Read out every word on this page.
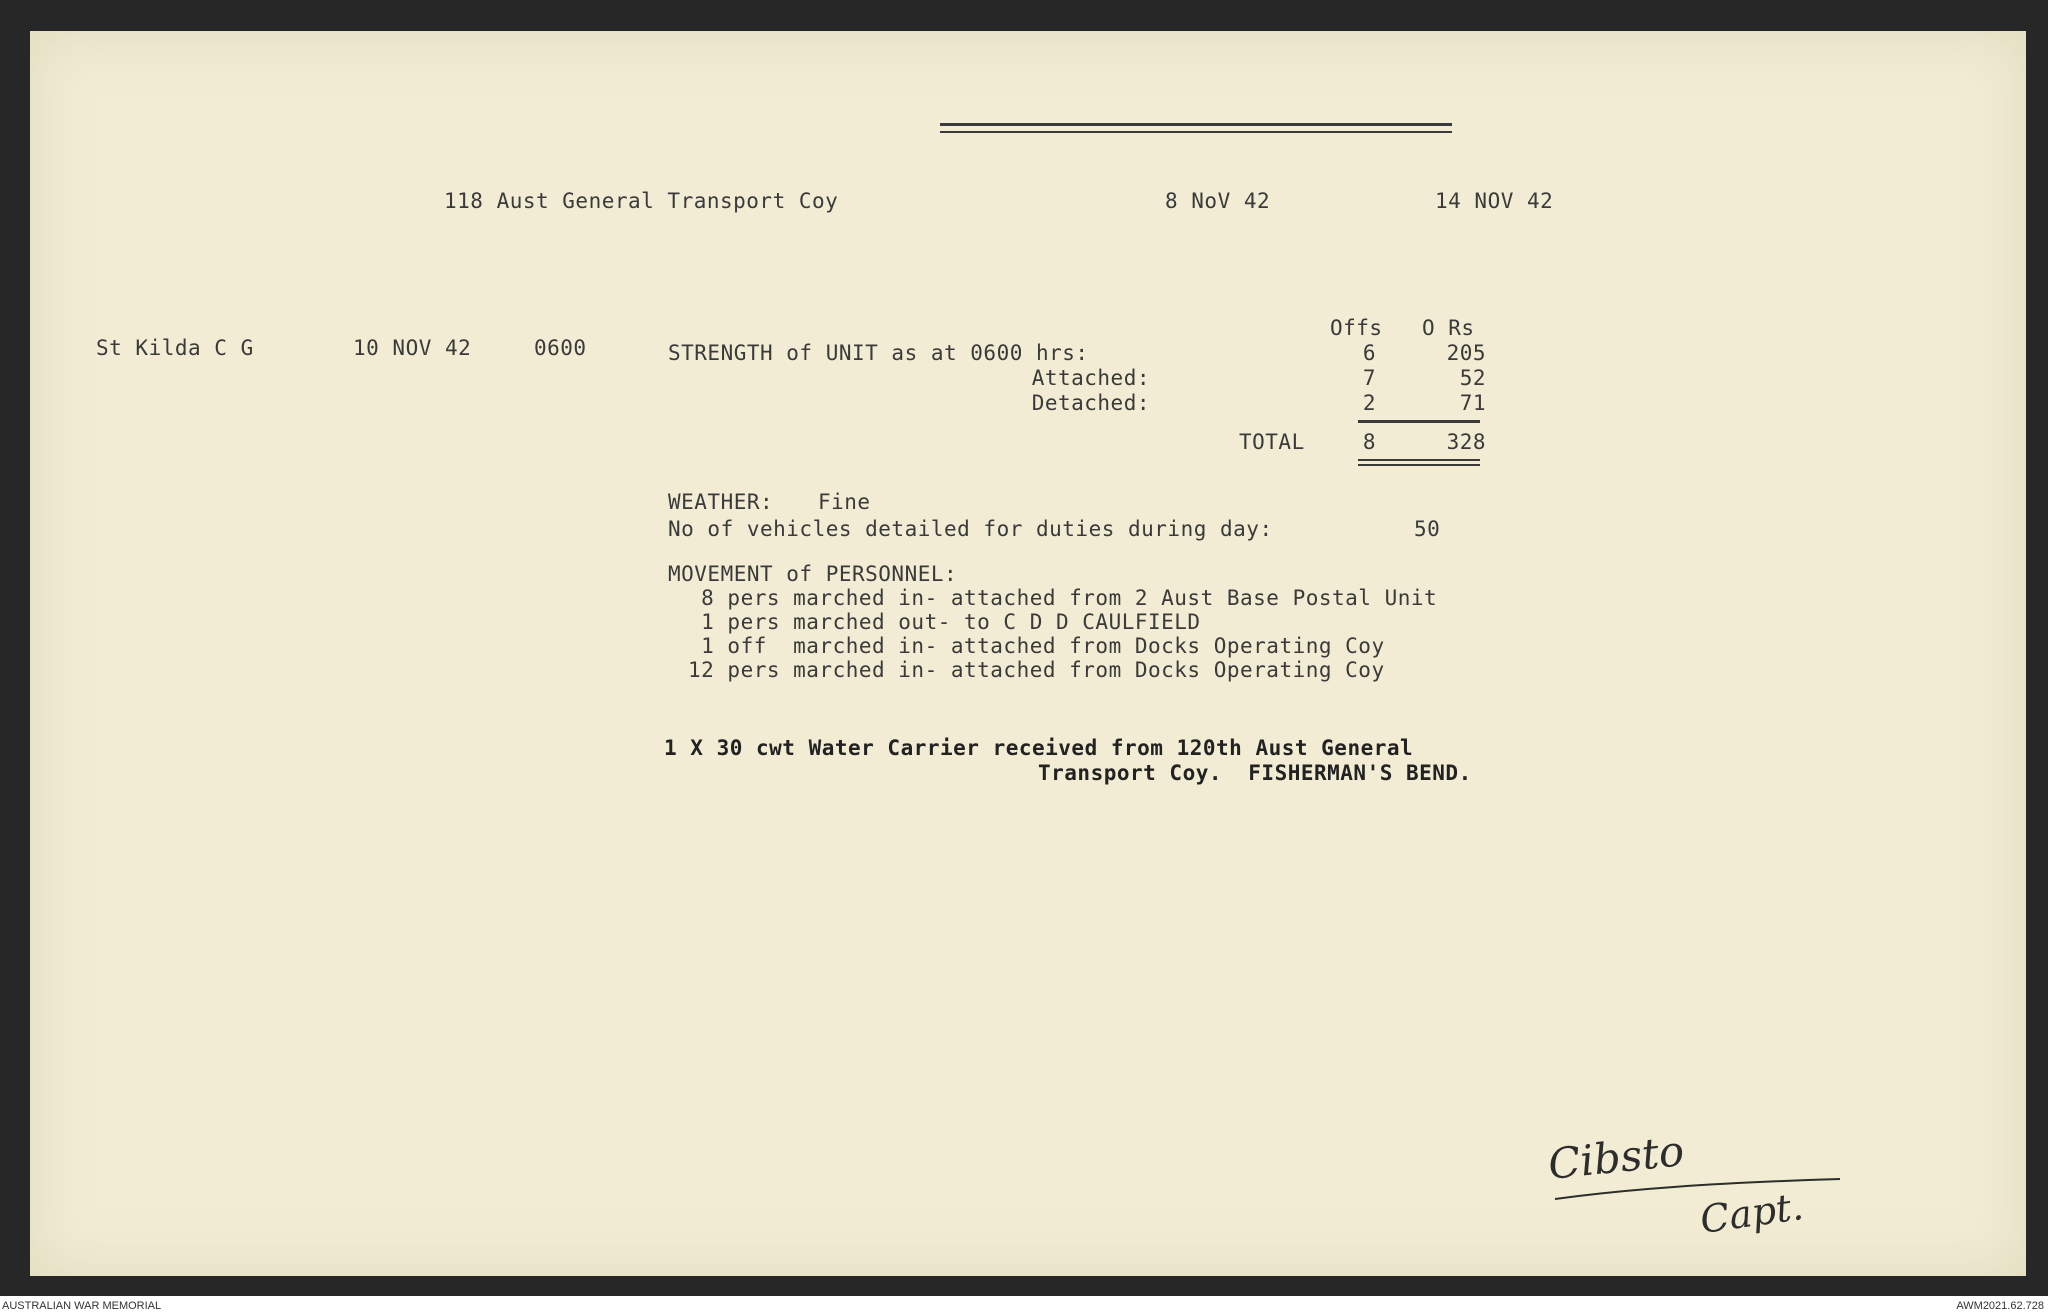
118 Aust General Transport Coy	8 NoV 42	14 NOV 42
St Kilda C G	10 NOV 42	0600
Offs O Rs
STRENGTH of UNIT as at 0600 hrs:	6	205
Attached:	7	52
Detached:	2	71
TOTAL	8	328
WEATHER: Fine
No of vehicles detailed for duties during day:	50
MOVEMENT of PERSONNEL:
8 pers marched in- attached from 2 Aust Base Postal Unit
1 pers marched out- to C D D CAULFIELD
1 off  marched in- attached from Docks Operating Coy
12 pers marched in- attached from Docks Operating Coy
1 X 30 cwt Water Carrier received from 120th Aust General
Transport Coy.  FISHERMAN'S BEND.
Cibsto
Capt.
AUSTRALIAN WAR MEMORIAL	AWM2021.62.728
